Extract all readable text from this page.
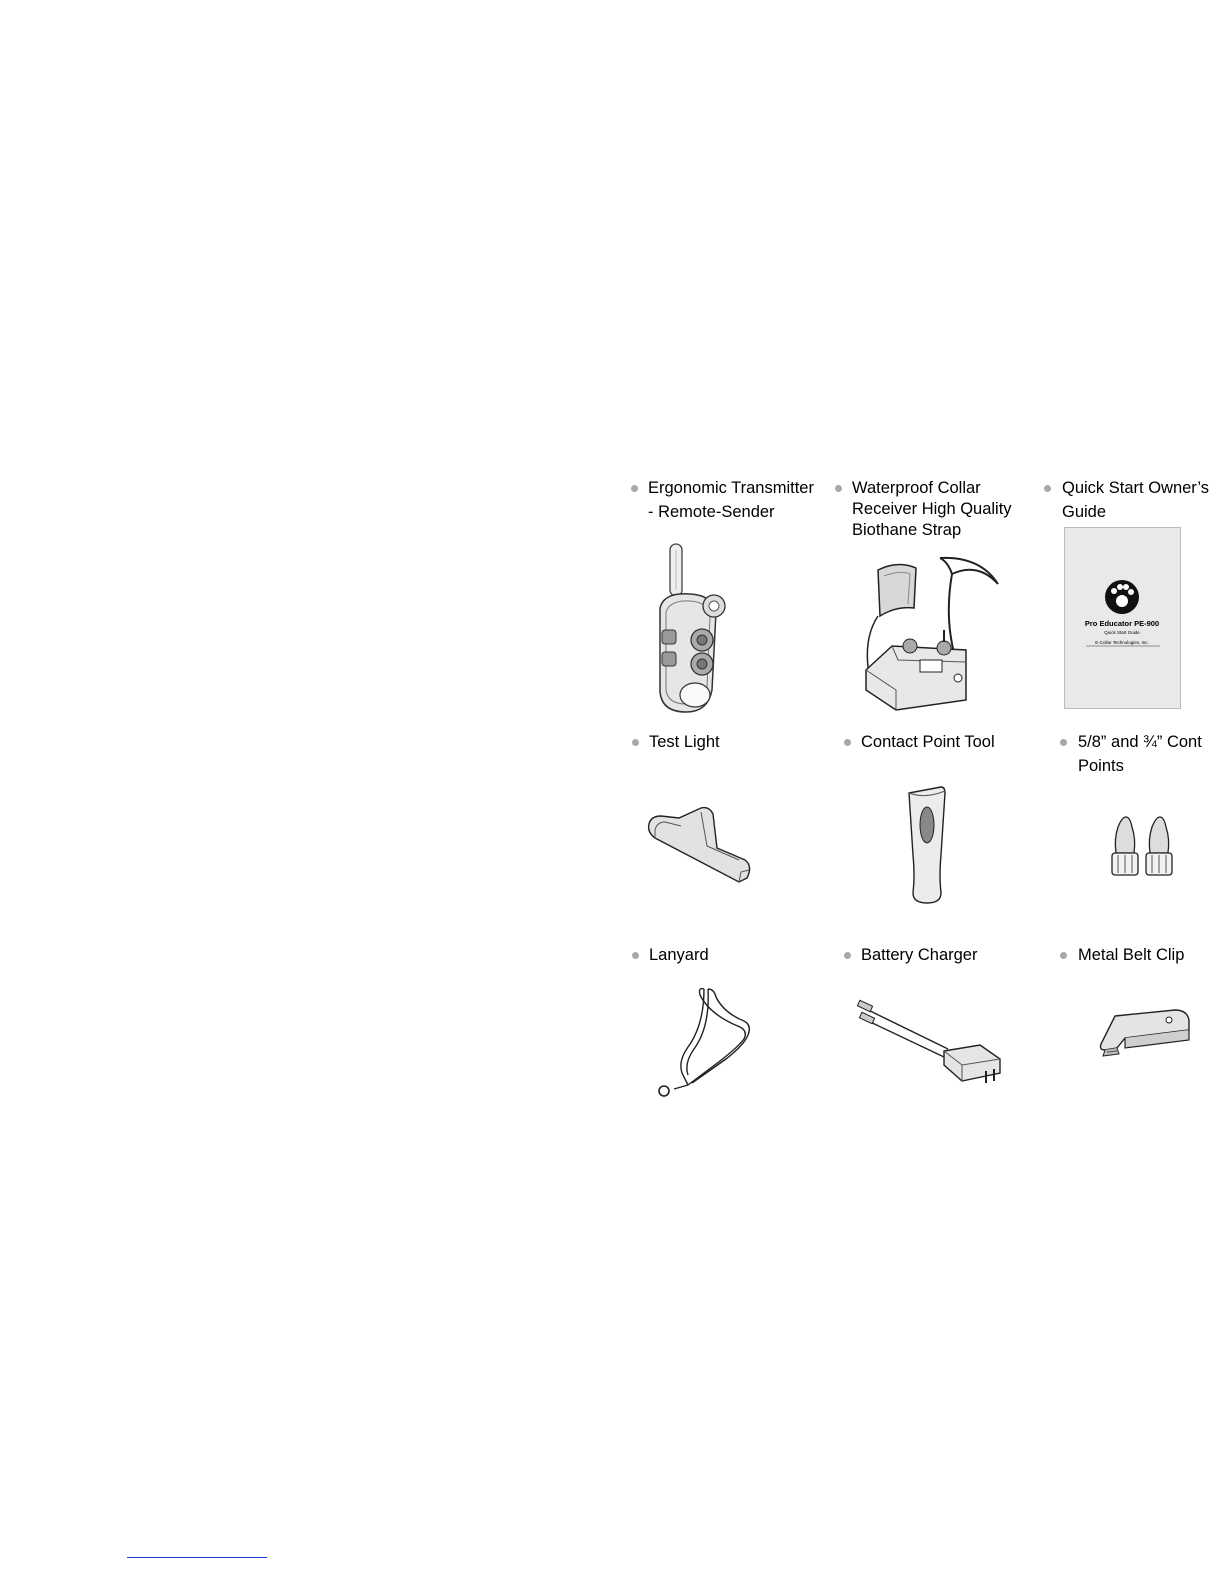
Ergonomic Transmitter
- Remote-Sender
Waterproof Collar
Receiver High Quality
Biothane Strap
Quick Start Owner’s
Guide
Pro Educator PE-900
Quick Start Guide
E-Collar Technologies, Inc.
Test Light	Contact Point Tool	5/8” and ¾” Cont
Points
Lanyard	Battery Charger	Metal Belt Clip
